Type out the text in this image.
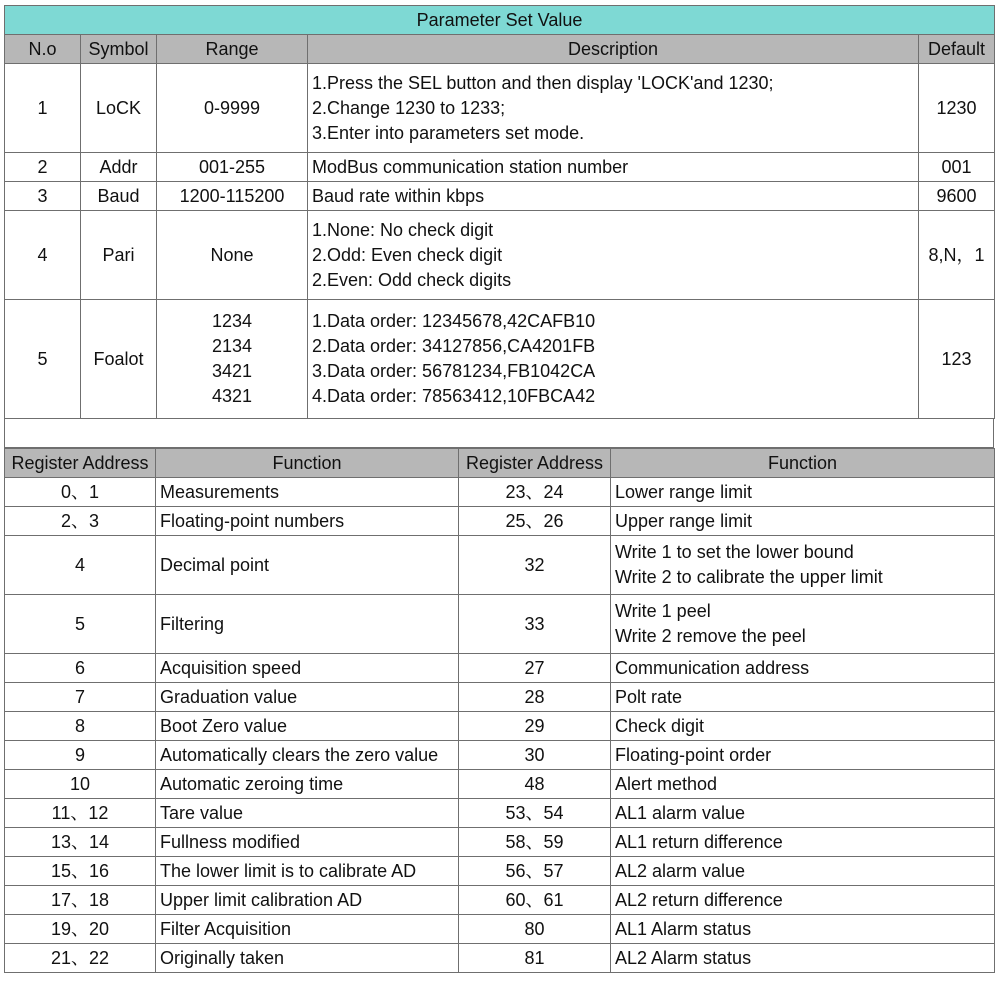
Parameter Set Value				
N.o	Symbol	Range	Description	Default
1	LoCK	0-9999	1.Press the SEL button and then display 'LOCK'and 1230;
2.Change 1230 to 1233;
3.Enter into parameters set mode.	1230
2	Addr	001-255	ModBus communication station number	001
3	Baud	1200-115200	Baud rate within kbps	9600
4	Pari	None	1.None: No check digit
2.Odd: Even check digit
2.Even: Odd check digits	8,N，1
5	Foalot	1234
2134
3421
4321	1.Data order: 12345678,42CAFB10
2.Data order: 34127856,CA4201FB
3.Data order: 56781234,FB1042CA
4.Data order: 78563412,10FBCA42	123
Register Address	Function	Register Address	Function
0、1	Measurements	23、24	Lower range limit

2、3	Floating-point numbers	25、26	Upper range limit

4	Decimal point	32	Write 1 to set the lower bound
Write 2 to calibrate the upper limit

5	Filtering	33	Write 1 peel
Write 2 remove the peel

6	Acquisition speed	27	Communication address

7	Graduation value	28	Polt rate

8	Boot Zero value	29	Check digit

9	Automatically clears the zero value	30	Floating-point order

10	Automatic zeroing time	48	Alert method

11、12	Tare value	53、54	AL1 alarm value

13、14	Fullness modified	58、59	AL1 return difference

15、16	The lower limit is to calibrate AD	56、57	AL2 alarm value

17、18	Upper limit calibration AD	60、61	AL2 return difference

19、20	Filter Acquisition	80	AL1 Alarm status

21、22	Originally taken	81	AL2 Alarm status
